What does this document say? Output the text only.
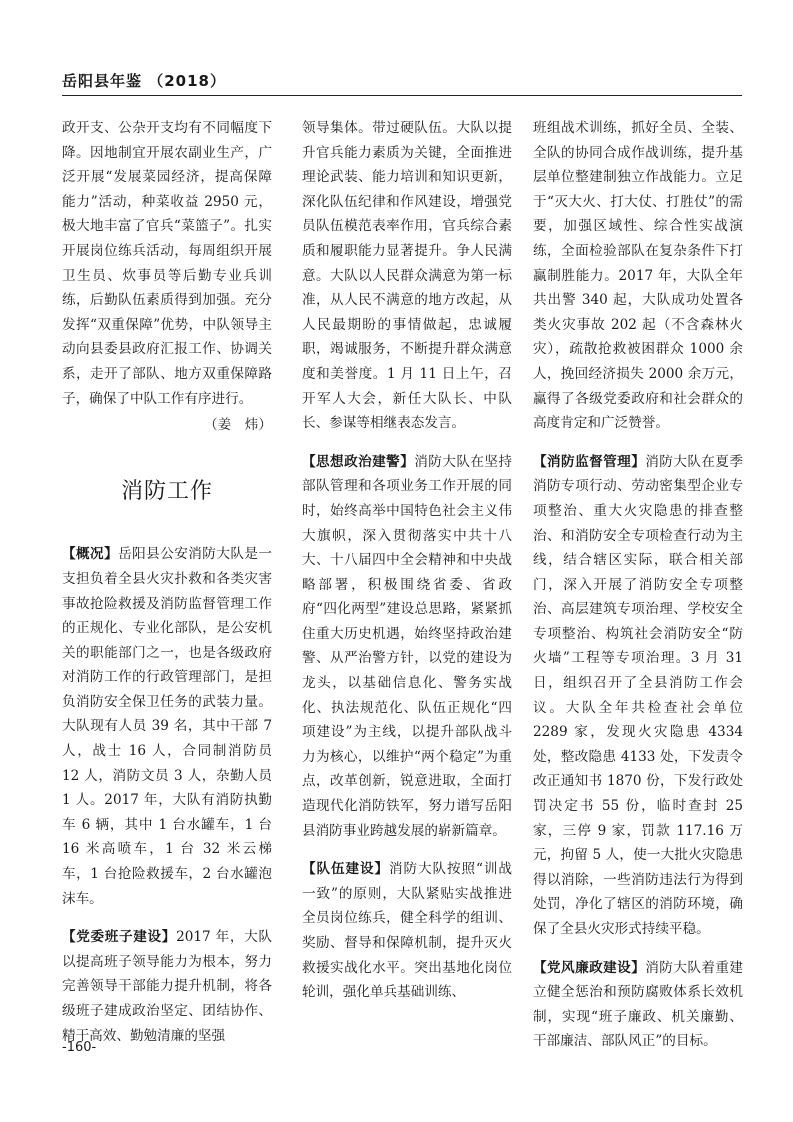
岳阳县年鉴 （2018）

政开支、公杂开支均有不同幅度下降。因地制宜开展农副业生产，广泛开展“发展菜园经济，提高保障能力”活动，种菜收益 2950 元，极大地丰富了官兵“菜篮子”。扎实开展岗位练兵活动，每周组织开展卫生员、炊事员等后勤专业兵训练，后勤队伍素质得到加强。充分发挥“双重保障”优势，中队领导主动向县委县政府汇报工作、协调关系，走开了部队、地方双重保障路子，确保了中队工作有序进行。

（姜　炜）

消防工作

【概况】岳阳县公安消防大队是一支担负着全县火灾扑救和各类灾害事故抢险救援及消防监督管理工作的正规化、专业化部队，是公安机关的职能部门之一，也是各级政府对消防工作的行政管理部门，是担负消防安全保卫任务的武装力量。大队现有人员 39 名，其中干部 7 人，战士 16 人，合同制消防员 12 人，消防文员 3 人，杂勤人员 1 人。2017 年，大队有消防执勤车 6 辆，其中 1 台水罐车，1 台 16 米高喷车，1 台 32 米云梯车，1 台抢险救援车，2 台水罐泡沫车。

【党委班子建设】2017 年，大队以提高班子领导能力为根本，努力完善领导干部能力提升机制，将各级班子建成政治坚定、团结协作、精干高效、勤勉清廉的坚强

领导集体。带过硬队伍。大队以提升官兵能力素质为关键，全面推进理论武装、能力培训和知识更新，深化队伍纪律和作风建设，增强党员队伍模范表率作用，官兵综合素质和履职能力显著提升。争人民满意。大队以人民群众满意为第一标准，从人民不满意的地方改起，从人民最期盼的事情做起，忠诚履职，竭诚服务，不断提升群众满意度和美誉度。1 月 11 日上午，召开军人大会，新任大队长、中队长、参谋等相继表态发言。

【思想政治建警】消防大队在坚持部队管理和各项业务工作开展的同时，始终高举中国特色社会主义伟大旗帜，深入贯彻落实中共十八大、十八届四中全会精神和中央战略部署，积极围绕省委、省政府“四化两型”建设总思路，紧紧抓住重大历史机遇，始终坚持政治建警、从严治警方针，以党的建设为龙头，以基础信息化、警务实战化、执法规范化、队伍正规化“四项建设”为主线，以提升部队战斗力为核心，以维护“两个稳定”为重点，改革创新，锐意进取，全面打造现代化消防铁军，努力谱写岳阳县消防事业跨越发展的崭新篇章。

【队伍建设】消防大队按照“训战一致”的原则，大队紧贴实战推进全员岗位练兵，健全科学的组训、奖励、督导和保障机制，提升灭火救援实战化水平。突出基地化岗位轮训，强化单兵基础训练、

班组战术训练，抓好全员、全装、全队的协同合成作战训练，提升基层单位整建制独立作战能力。立足于“灭大火、打大仗、打胜仗”的需要，加强区域性、综合性实战演练，全面检验部队在复杂条件下打赢制胜能力。2017 年，大队全年共出警 340 起，大队成功处置各类火灾事故 202 起（不含森林火灾），疏散抢救被困群众 1000 余人，挽回经济损失 2000 余万元，赢得了各级党委政府和社会群众的高度肯定和广泛赞誉。

【消防监督管理】消防大队在夏季消防专项行动、劳动密集型企业专项整治、重大火灾隐患的排查整治、和消防安全专项检查行动为主线，结合辖区实际，联合相关部门，深入开展了消防安全专项整治、高层建筑专项治理、学校安全专项整治、构筑社会消防安全“防火墙”工程等专项治理。3 月 31 日，组织召开了全县消防工作会议。大队全年共检查社会单位 2289 家，发现火灾隐患 4334 处，整改隐患 4133 处，下发责令改正通知书 1870 份，下发行政处罚决定书 55 份，临时查封 25 家，三停 9 家，罚款 117.16 万元，拘留 5 人，使一大批火灾隐患得以消除，一些消防违法行为得到处罚，净化了辖区的消防环境，确保了全县火灾形式持续平稳。

【党风廉政建设】消防大队着重建立健全惩治和预防腐败体系长效机制，实现“班子廉政、机关廉勤、干部廉洁、部队风正”的目标。

-160-
